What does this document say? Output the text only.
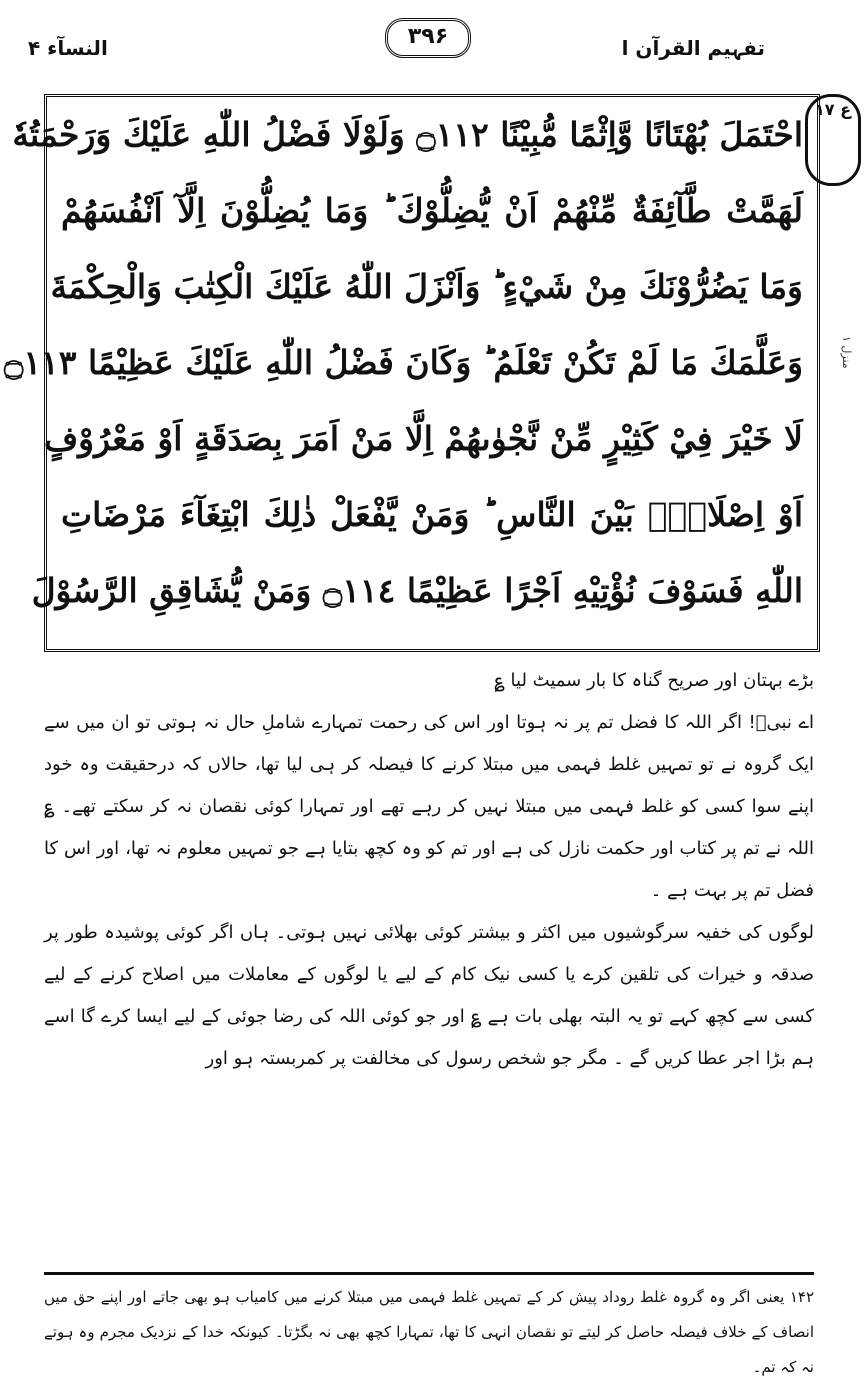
النسآء ۴	۳۹۶	تفہیم القرآن ا
ع ۱۷
منزل ۱
احْتَمَلَ بُهْتَانًا وَّاِثْمًا مُّبِيْنًا ۝١١٢ وَلَوْلَا فَضْلُ اللّٰهِ عَلَيْكَ وَرَحْمَتُهٗ
لَهَمَّتْ طَّآئِفَةٌ مِّنْهُمْ اَنْ يُّضِلُّوْكَ ؕ وَمَا يُضِلُّوْنَ اِلَّآ اَنْفُسَهُمْ
وَمَا يَضُرُّوْنَكَ مِنْ شَيْءٍ ؕ وَاَنْزَلَ اللّٰهُ عَلَيْكَ الْكِتٰبَ وَالْحِكْمَةَ
وَعَلَّمَكَ مَا لَمْ تَكُنْ تَعْلَمُ ؕ وَكَانَ فَضْلُ اللّٰهِ عَلَيْكَ عَظِيْمًا ۝١١٣
لَا خَيْرَ فِيْ كَثِيْرٍ مِّنْ نَّجْوٰىهُمْ اِلَّا مَنْ اَمَرَ بِصَدَقَةٍ اَوْ مَعْرُوْفٍ
اَوْ اِصْلَاحٍۭ بَيْنَ النَّاسِ ؕ وَمَنْ يَّفْعَلْ ذٰلِكَ ابْتِغَآءَ مَرْضَاتِ
اللّٰهِ فَسَوْفَ نُؤْتِيْهِ اَجْرًا عَظِيْمًا ۝١١٤ وَمَنْ يُّشَاقِقِ الرَّسُوْلَ

بڑے بہتان اور صریح گناہ کا بار سمیٹ لیا ؏

اے نبیؐ! اگر اللہ کا فضل تم پر نہ ہوتا اور اس کی رحمت تمہارے شاملِ حال نہ ہوتی تو ان میں سے ایک گروہ نے تو تمہیں غلط فہمی میں مبتلا کرنے کا فیصلہ کر ہی لیا تھا، حالاں کہ درحقیقت وہ خود اپنے سوا کسی کو غلط فہمی میں مبتلا نہیں کر رہے تھے اور تمہارا کوئی نقصان نہ کر سکتے تھے۔ ؏ اللہ نے تم پر کتاب اور حکمت نازل کی ہے اور تم کو وہ کچھ بتایا ہے جو تمہیں معلوم نہ تھا، اور اس کا فضل تم پر بہت ہے ۔

لوگوں کی خفیہ سرگوشیوں میں اکثر و بیشتر کوئی بھلائی نہیں ہوتی۔ ہاں اگر کوئی پوشیدہ طور پر صدقہ و خیرات کی تلقین کرے یا کسی نیک کام کے لیے یا لوگوں کے معاملات میں اصلاح کرنے کے لیے کسی سے کچھ کہے تو یہ البتہ بھلی بات ہے ؏ اور جو کوئی اللہ کی رضا جوئی کے لیے ایسا کرے گا اسے ہم بڑا اجر عطا کریں گے ۔ مگر جو شخص رسول کی مخالفت پر کمربستہ ہو اور

۱۴۲ یعنی اگر وہ گروہ غلط روداد پیش کر کے تمہیں غلط فہمی میں مبتلا کرنے میں کامیاب ہو بھی جاتے اور اپنے حق میں انصاف کے خلاف فیصلہ حاصل کر لیتے تو نقصان انہی کا تھا، تمہارا کچھ بھی نہ بگڑتا۔ کیونکہ خدا کے نزدیک مجرم وہ ہوتے نہ کہ تم۔
